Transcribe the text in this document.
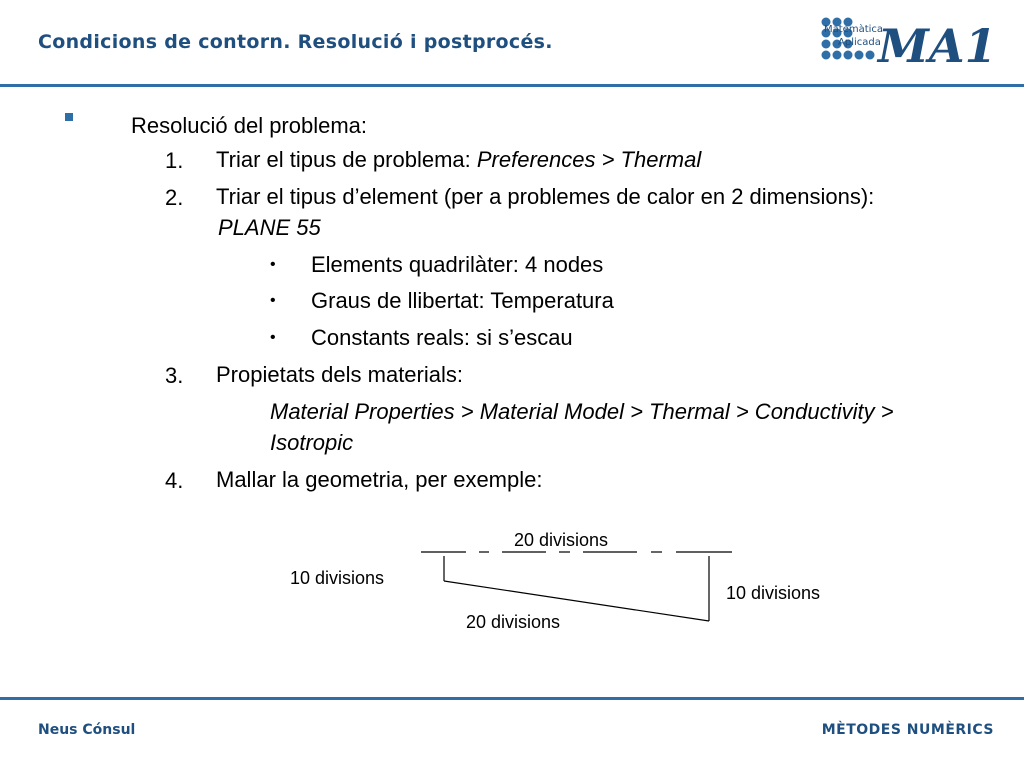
Condicions de contorn. Resolució i postprocés.
Matemàtica
Aplicada
MA1
Resolució del problema:
1. Triar el tipus de problema: Preferences > Thermal
2. Triar el tipus d’element (per a problemes de calor en 2 dimensions):
PLANE 55
• Elements quadrilàter: 4 nodes
• Graus de llibertat: Temperatura
• Constants reals: si s’escau
3. Propietats dels materials:
Material Properties > Material Model > Thermal > Conductivity >
Isotropic
4. Mallar la geometria, per exemple:
20 divisions
10 divisions
10 divisions
20 divisions
Neus Cónsul	MÈTODES NUMÈRICS
